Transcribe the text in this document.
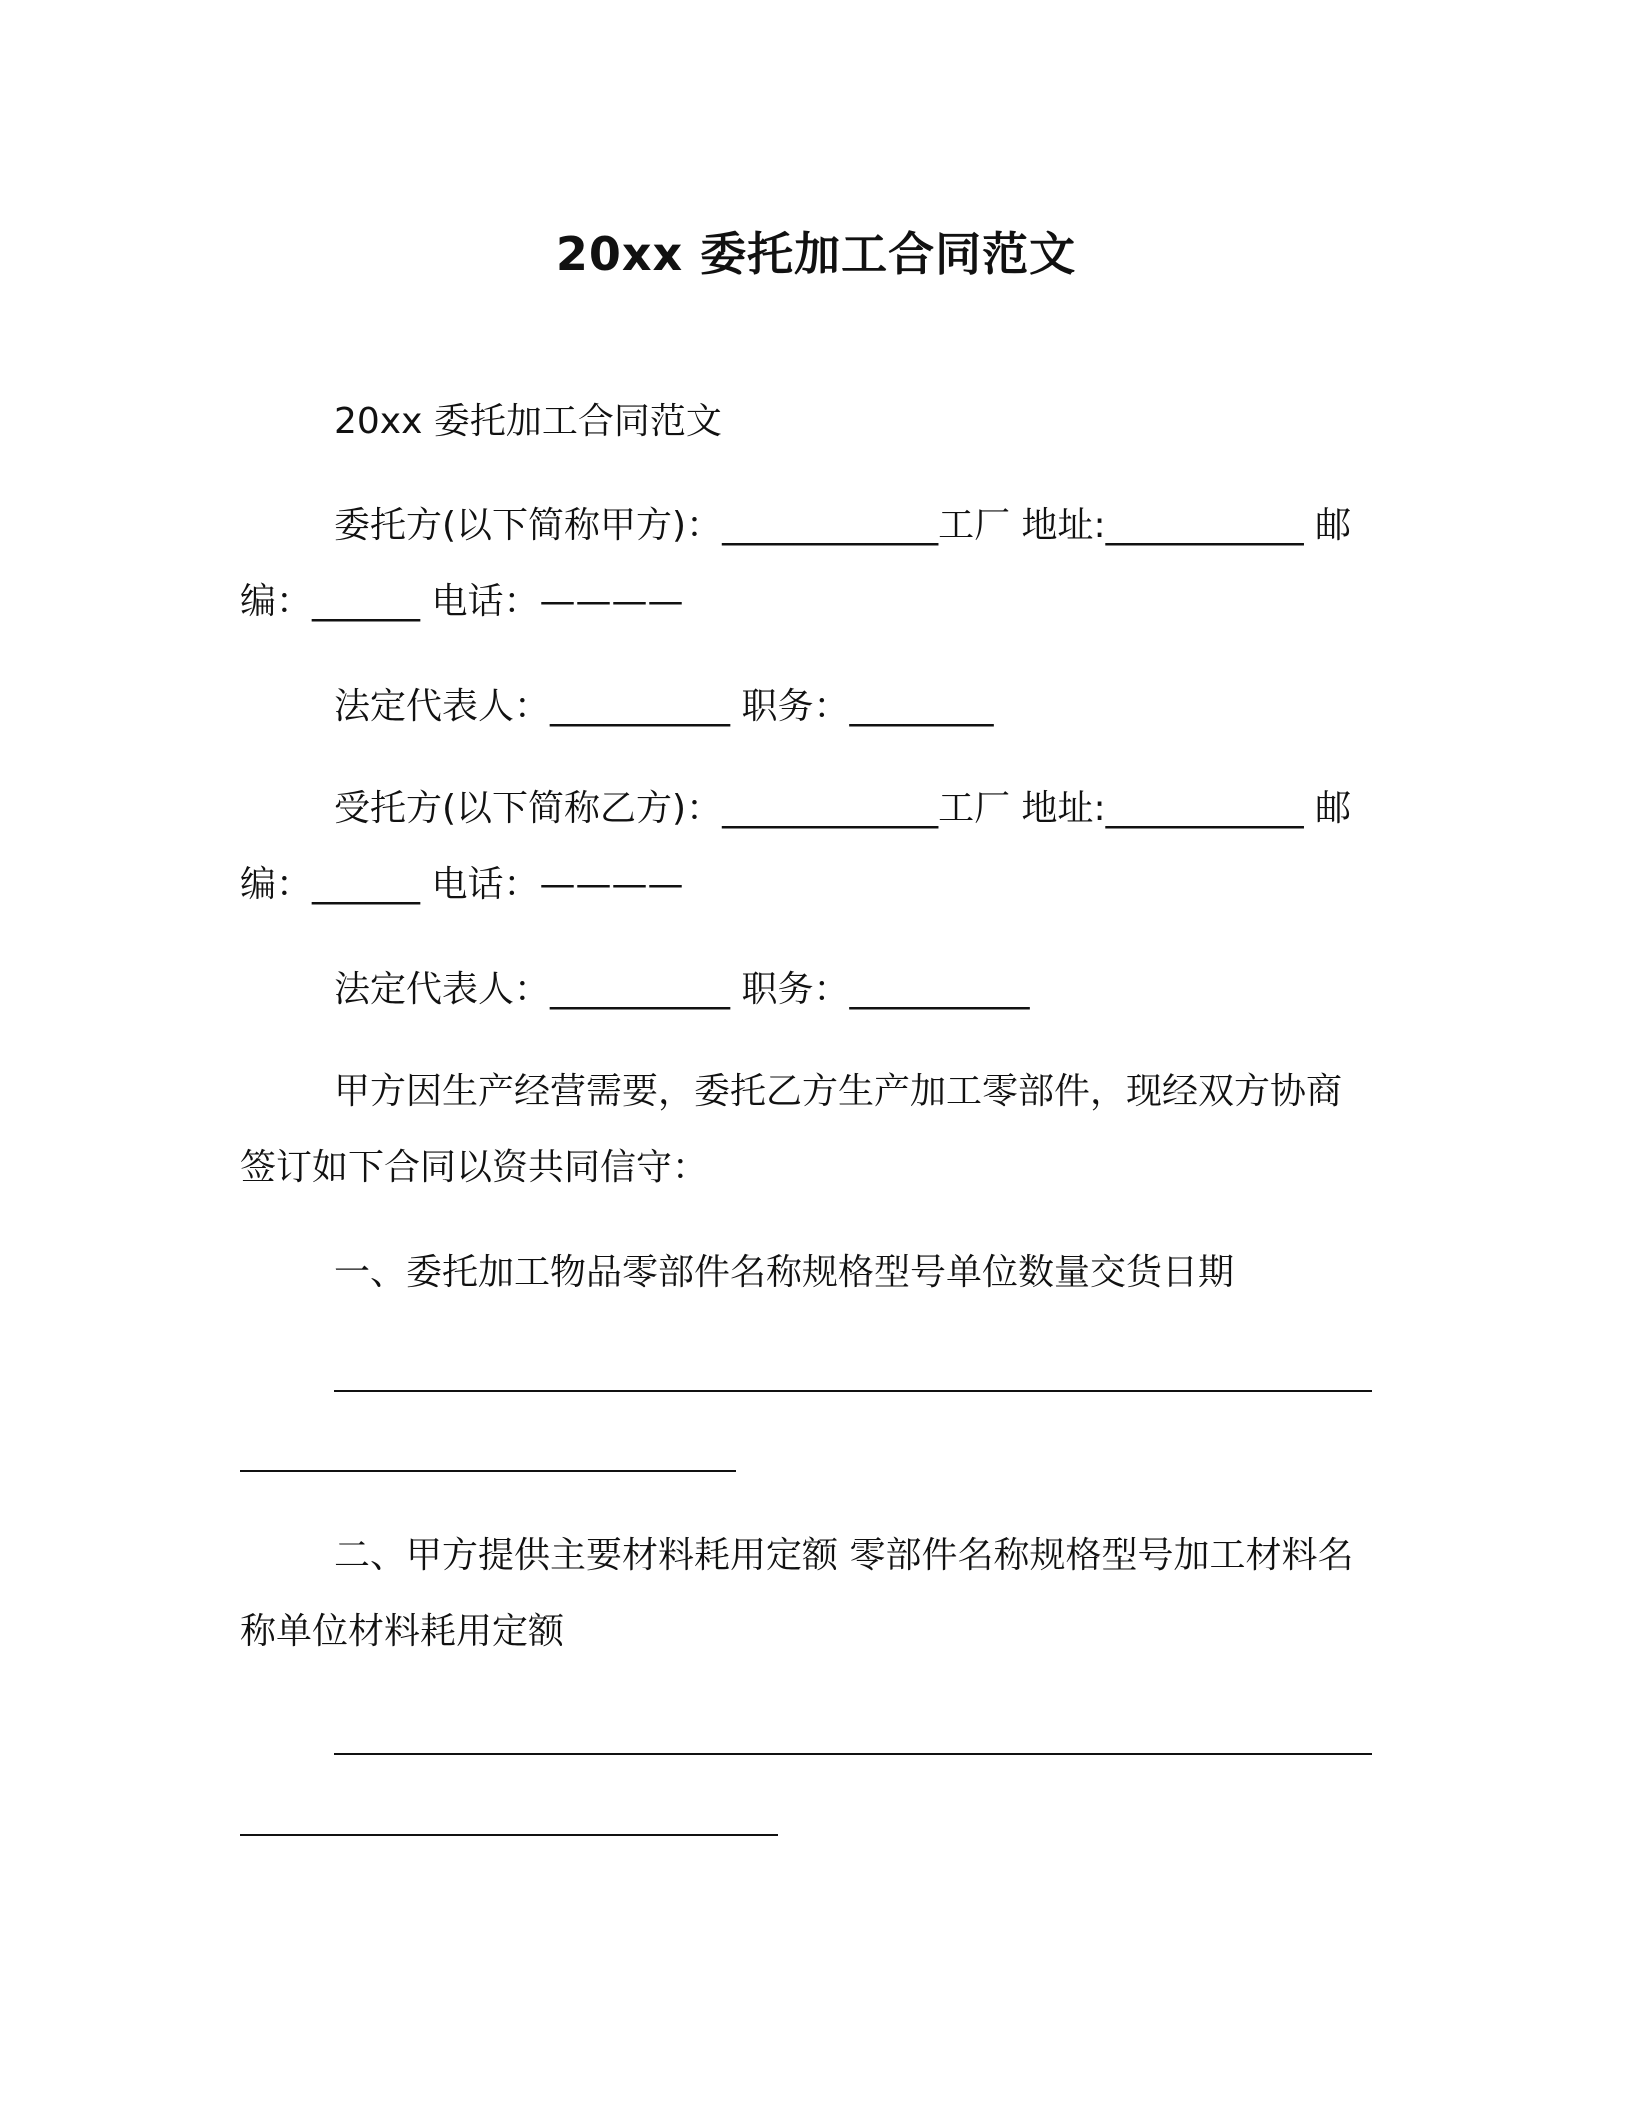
20xx 委托加工合同范文
20xx 委托加工合同范文
委托方(以下简称甲方)：____________工厂 地址:___________ 邮
编：______ 电话：————
法定代表人：__________ 职务：________
受托方(以下简称乙方)：____________工厂 地址:___________ 邮
编：______ 电话：————
法定代表人：__________ 职务：__________
甲方因生产经营需要，委托乙方生产加工零部件，现经双方协商
签订如下合同以资共同信守：
一、委托加工物品零部件名称规格型号单位数量交货日期
二、甲方提供主要材料耗用定额 零部件名称规格型号加工材料名
称单位材料耗用定额
